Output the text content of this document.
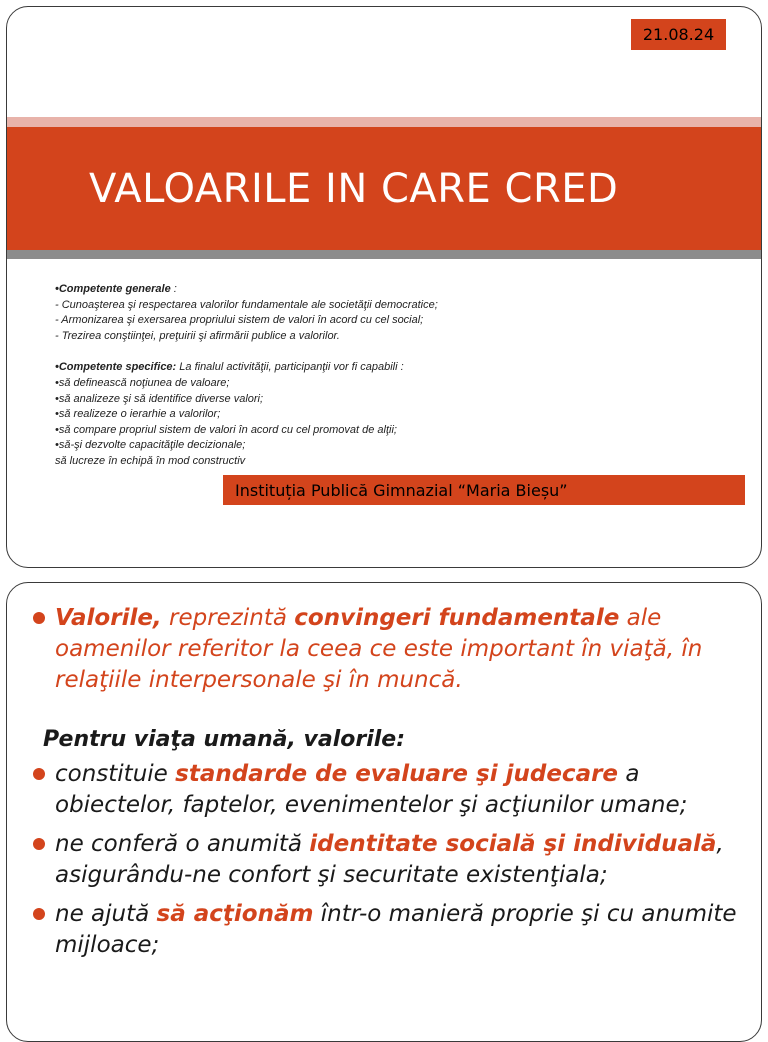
21.08.24
VALOARILE IN CARE CRED
•Competente generale :
- Cunoaşterea şi respectarea valorilor fundamentale ale societăţii democratice;
- Armonizarea şi exersarea propriului sistem de valori în acord cu cel social;
- Trezirea conştiinţei, preţuirii şi afirmării publice a valorilor.
•Competente specifice: La finalul activităţii, participanţii vor fi capabili :
•să definească noţiunea de valoare;
•să analizeze şi să identifice diverse valori;
•să realizeze o ierarhie a valorilor;
•să compare propriul sistem de valori în acord cu cel promovat de alţii;
•să-şi dezvolte capacităţile decizionale;
să lucreze în echipă în mod constructiv
Instituția Publică Gimnazial “Maria Bieșu”
Valorile, reprezintă convingeri fundamentale ale oamenilor referitor la ceea ce este important în viaţă, în relaţiile interpersonale şi în muncă.
Pentru viaţa umană, valorile:
constituie standarde de evaluare şi judecare a obiectelor, faptelor, evenimentelor şi acţiunilor umane;
ne conferă o anumită identitate socială şi individuală, asigurându-ne confort şi securitate existenţiala;
ne ajută să acţionăm într-o manieră proprie şi cu anumite mijloace;
